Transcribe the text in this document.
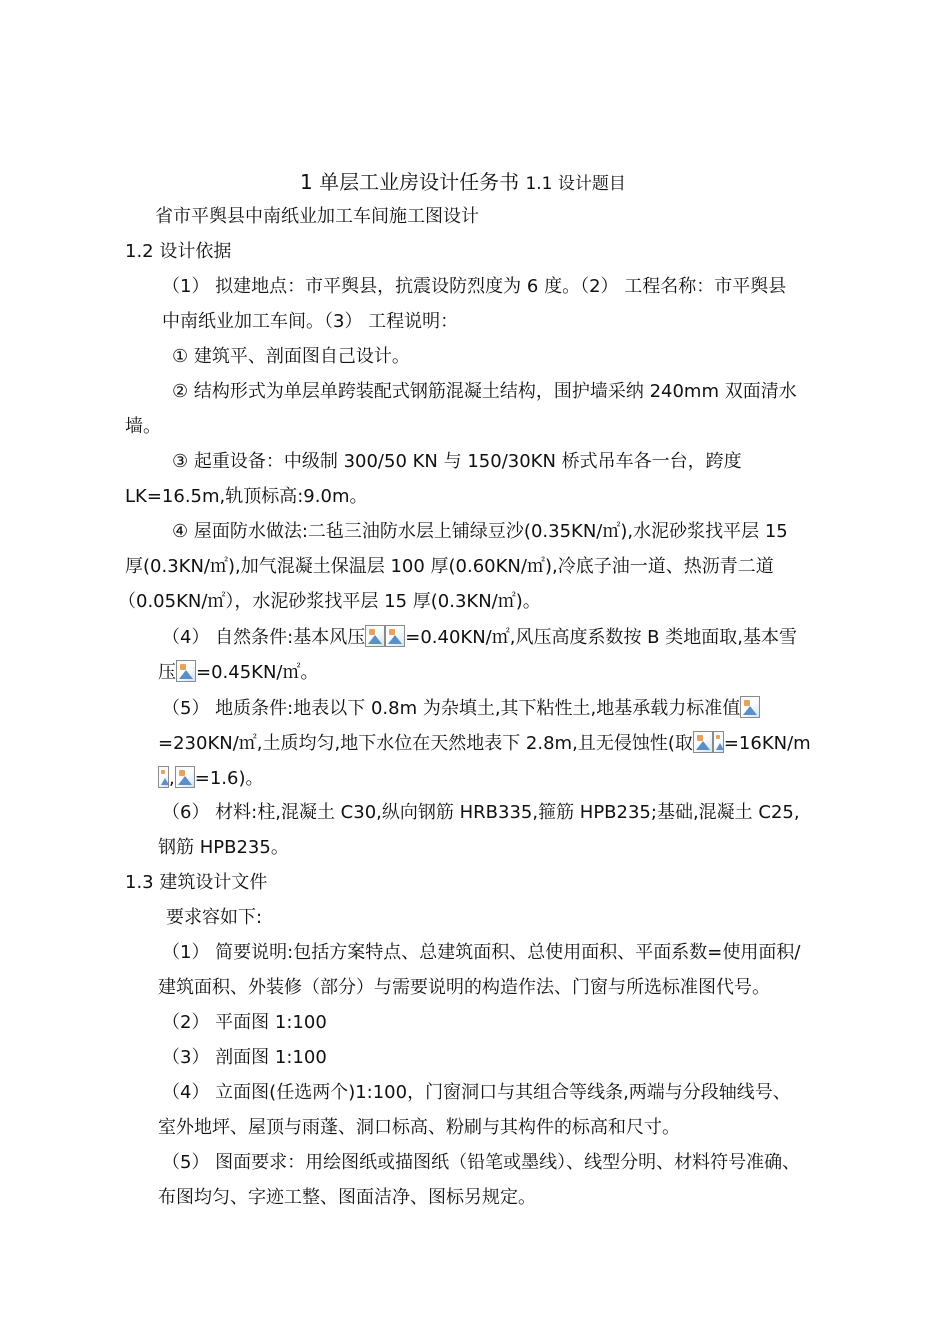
1 单层工业房设计任务书 1.1 设计题目
省市平舆县中南纸业加工车间施工图设计
1.2 设计依据
（1） 拟建地点：市平舆县，抗震设防烈度为 6 度。（2） 工程名称：市平舆县
中南纸业加工车间。（3） 工程说明：
① 建筑平、剖面图自己设计。
② 结构形式为单层单跨装配式钢筋混凝土结构，围护墙采纳 240mm 双面清水
墙。
③ 起重设备：中级制 300/50 KN 与 150/30KN 桥式吊车各一台，跨度
LK=16.5m,轨顶标高:9.0m。
④ 屋面防水做法:二毡三油防水层上铺绿豆沙(0.35KN/㎡),水泥砂浆找平层 15
厚(0.3KN/㎡),加气混凝土保温层 100 厚(0.60KN/㎡),冷底子油一道、热沥青二道
（0.05KN/㎡），水泥砂浆找平层 15 厚(0.3KN/㎡)。
（4） 自然条件:基本风压 =0.40KN/㎡,风压高度系数按 B 类地面取,基本雪
压 =0.45KN/㎡。
（5） 地质条件:地表以下 0.8m 为杂填土,其下粘性土,地基承载力标准值
=230KN/㎡,土质均匀,地下水位在天然地表下 2.8m,且无侵蚀性(取 =16KN/m
, =1.6)。
（6） 材料:柱,混凝土 C30,纵向钢筋 HRB335,箍筋 HPB235;基础,混凝土 C25,
钢筋 HPB235。
1.3 建筑设计文件
要求容如下:
（1） 简要说明:包括方案特点、总建筑面积、总使用面积、平面系数=使用面积/
建筑面积、外装修（部分）与需要说明的构造作法、门窗与所选标准图代号。
（2） 平面图 1:100
（3） 剖面图 1:100
（4） 立面图(任选两个)1:100，门窗洞口与其组合等线条,两端与分段轴线号、
室外地坪、屋顶与雨蓬、洞口标高、粉刷与其构件的标高和尺寸。
（5） 图面要求：用绘图纸或描图纸（铅笔或墨线）、线型分明、材料符号准确、
布图均匀、字迹工整、图面洁净、图标另规定。
